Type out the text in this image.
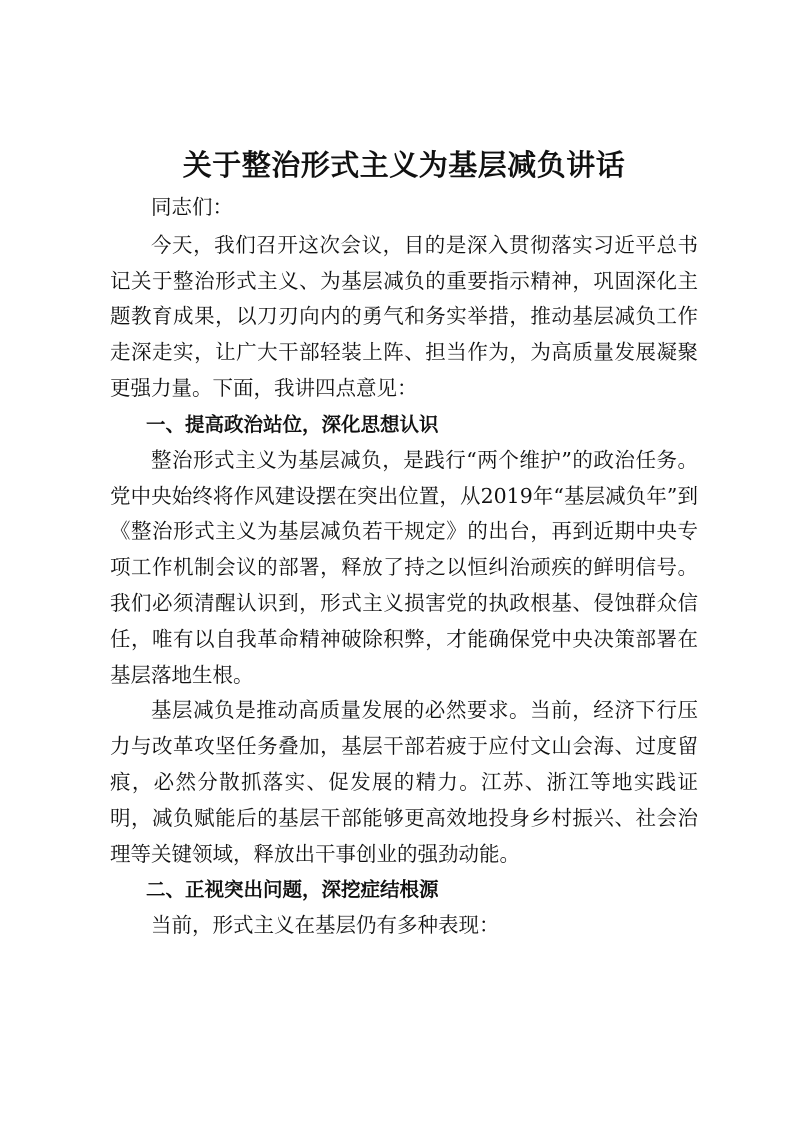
关于整治形式主义为基层减负讲话

同志们：

今天，我们召开这次会议，目的是深入贯彻落实习近平总书记关于整治形式主义、为基层减负的重要指示精神，巩固深化主题教育成果，以刀刃向内的勇气和务实举措，推动基层减负工作走深走实，让广大干部轻装上阵、担当作为，为高质量发展凝聚更强力量。下面，我讲四点意见：

一、提高政治站位，深化思想认识

整治形式主义为基层减负，是践行“两个维护”的政治任务。党中央始终将作风建设摆在突出位置，从2019年“基层减负年”到《整治形式主义为基层减负若干规定》的出台，再到近期中央专项工作机制会议的部署，释放了持之以恒纠治顽疾的鲜明信号。我们必须清醒认识到，形式主义损害党的执政根基、侵蚀群众信任，唯有以自我革命精神破除积弊，才能确保党中央决策部署在基层落地生根。

基层减负是推动高质量发展的必然要求。当前，经济下行压力与改革攻坚任务叠加，基层干部若疲于应付文山会海、过度留痕，必然分散抓落实、促发展的精力。江苏、浙江等地实践证明，减负赋能后的基层干部能够更高效地投身乡村振兴、社会治理等关键领域，释放出干事创业的强劲动能。

二、正视突出问题，深挖症结根源

当前，形式主义在基层仍有多种表现：
